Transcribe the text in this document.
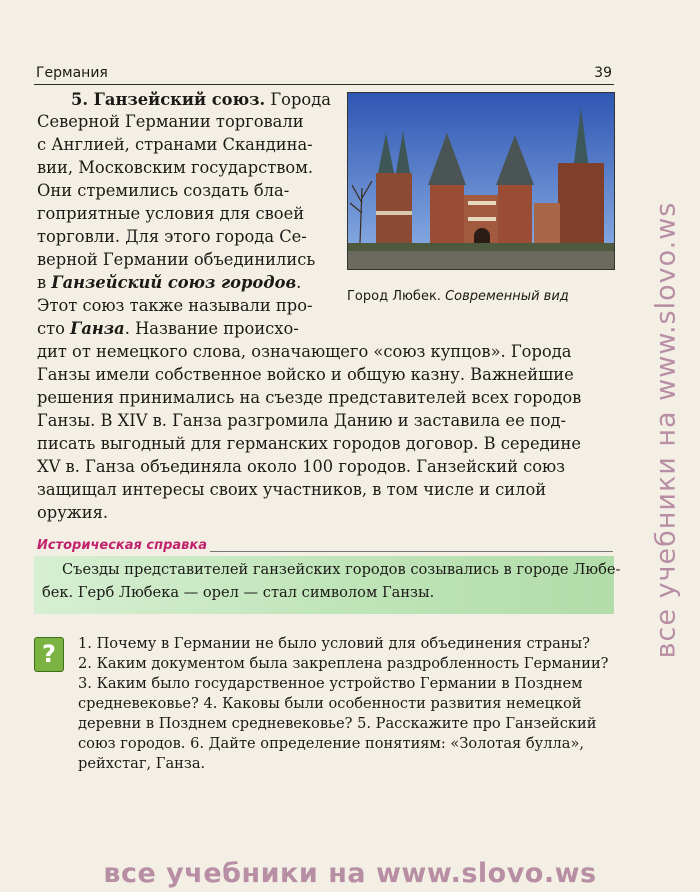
Германия	39
Город Любек. Современный вид
5. Ганзейский союз. Города
Северной Германии торговали
с Англией, странами Скандина-
вии, Московским государством.
Они стремились создать бла-
гоприятные условия для своей
торговли. Для этого города Се-
верной Германии объединились
в Ганзейский союз городов.
Этот союз также называли про-
сто Ганза. Название происхо-
дит от немецкого слова, означающего «союз купцов». Города
Ганзы имели собственное войско и общую казну. Важнейшие
решения принимались на съезде представителей всех городов
Ганзы. В XIV в. Ганза разгромила Данию и заставила ее под-
писать выгодный для германских городов договор. В середине
XV в. Ганза объединяла около 100 городов. Ганзейский союз
защищал интересы своих участников, в том числе и силой
оружия.
Историческая справка
Съезды представителей ганзейских городов созывались в городе Любе-
бек. Герб Любека — орел — стал символом Ганзы.
?	1. Почему в Германии не было условий для объединения страны?
2. Каким документом была закреплена раздробленность Германии?
3. Каким было государственное устройство Германии в Позднем
средневековье? 4. Каковы были особенности развития немецкой
деревни в Позднем средневековье? 5. Расскажите про Ганзейский
союз городов. 6. Дайте определение понятиям: «Золотая булла»,
рейхстаг, Ганза.
все учебники на www.slovo.ws
все учебники на www.slovo.ws
